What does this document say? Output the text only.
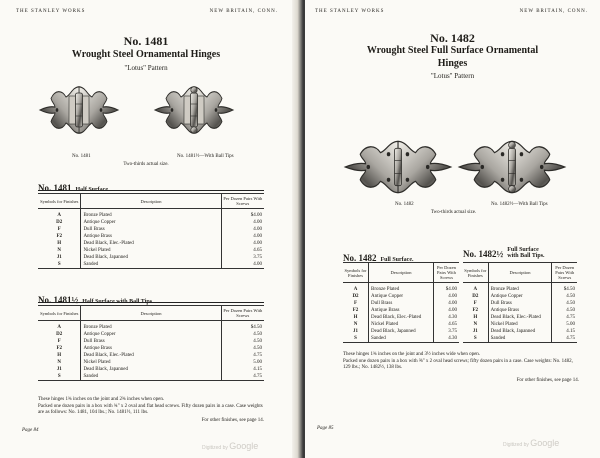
THE STANLEY WORKS	NEW BRITAIN, CONN.
No. 1481
Wrought Steel Ornamental Hinges
"Lotus" Pattern
No. 1481	No. 1481½—With Ball Tips
Two-thirds actual size.
No. 1481 Half Surface.
Symbols for Finishes	Description	Per Dozen Pairs With Screws

A	Bronze Plated	$4.00
D2	Antique Copper	4.00
F	Dull Brass	4.00
F2	Antique Brass	4.00
H	Dead Black, Elec.-Plated	4.00
N	Nickel Plated	4.65
J1	Dead Black, Japanned	3.75
S	Sanded	4.00
No. 1481½ Half Surface with Ball Tips.
Symbols for Finishes	Description	Per Dozen Pairs With Screws

A	Bronze Plated	$4.50
D2	Antique Copper	4.50
F	Dull Brass	4.50
F2	Antique Brass	4.50
H	Dead Black, Elec.-Plated	4.75
N	Nickel Plated	5.00
J1	Dead Black, Japanned	4.15
S	Sanded	4.75
These hinges 1¾ inches on the joint and 2¾ inches when open.
Packed one dozen pairs in a box with ¾" x 2 oval and flat head screws. Fifty dozen pairs in a case. Case weights are as follows: No. 1481, 104 lbs.; No. 1481½, 111 lbs.
For other finishes, see page 14.
Page 84
Digitized by Google
THE STANLEY WORKS	NEW BRITAIN, CONN.
No. 1482
Wrought Steel Full Surface Ornamental
Hinges
"Lotus" Pattern
No. 1482	No. 1482½—With Ball Tips
Two-thirds actual size.
No. 1482 Full Surface.
Symbols for Finishes	Description	Per Dozen Pairs With Screws

A	Bronze Plated	$4.00
D2	Antique Copper	4.00
F	Dull Brass	4.00
F2	Antique Brass	4.00
H	Dead Black, Elec.-Plated	4.30
N	Nickel Plated	4.65
J1	Dead Black, Japanned	3.75
S	Sanded	4.30
No. 1482½ Full Surface
with Ball Tips.
Symbols for Finishes	Description	Per Dozen Pairs With Screws

A	Bronze Plated	$4.50
D2	Antique Copper	4.50
F	Dull Brass	4.50
F2	Antique Brass	4.50
H	Dead Black, Elec.-Plated	4.75
N	Nickel Plated	5.00
J1	Dead Black, Japanned	4.15
S	Sanded	4.75
These hinges 1¾ inches on the joint and 3½ inches wide when open.
Packed one dozen pairs in a box with ⅝" x 2 oval head screws; fifty dozen pairs in a case. Case weights: No. 1482, 129 lbs.; No. 1482½, 138 lbs.
For other finishes, see page 14.
Page 85
Digitized by Google
